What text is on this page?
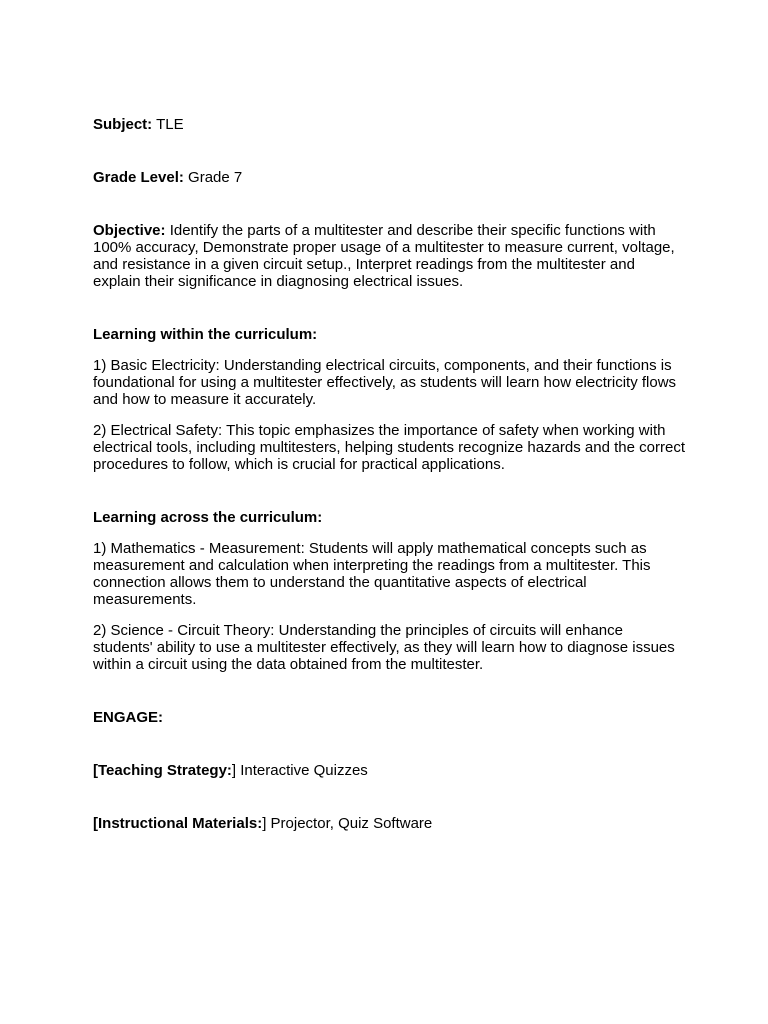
Subject: TLE

Grade Level: Grade 7

Objective: Identify the parts of a multitester and describe their specific functions with 100% accuracy, Demonstrate proper usage of a multitester to measure current, voltage, and resistance in a given circuit setup., Interpret readings from the multitester and explain their significance in diagnosing electrical issues.

Learning within the curriculum:

1) Basic Electricity: Understanding electrical circuits, components, and their functions is foundational for using a multitester effectively, as students will learn how electricity flows and how to measure it accurately.

2) Electrical Safety: This topic emphasizes the importance of safety when working with electrical tools, including multitesters, helping students recognize hazards and the correct procedures to follow, which is crucial for practical applications.

Learning across the curriculum:

1) Mathematics - Measurement: Students will apply mathematical concepts such as measurement and calculation when interpreting the readings from a multitester. This connection allows them to understand the quantitative aspects of electrical measurements.

2) Science - Circuit Theory: Understanding the principles of circuits will enhance students' ability to use a multitester effectively, as they will learn how to diagnose issues within a circuit using the data obtained from the multitester.

ENGAGE:

[Teaching Strategy:] Interactive Quizzes

[Instructional Materials:] Projector, Quiz Software
